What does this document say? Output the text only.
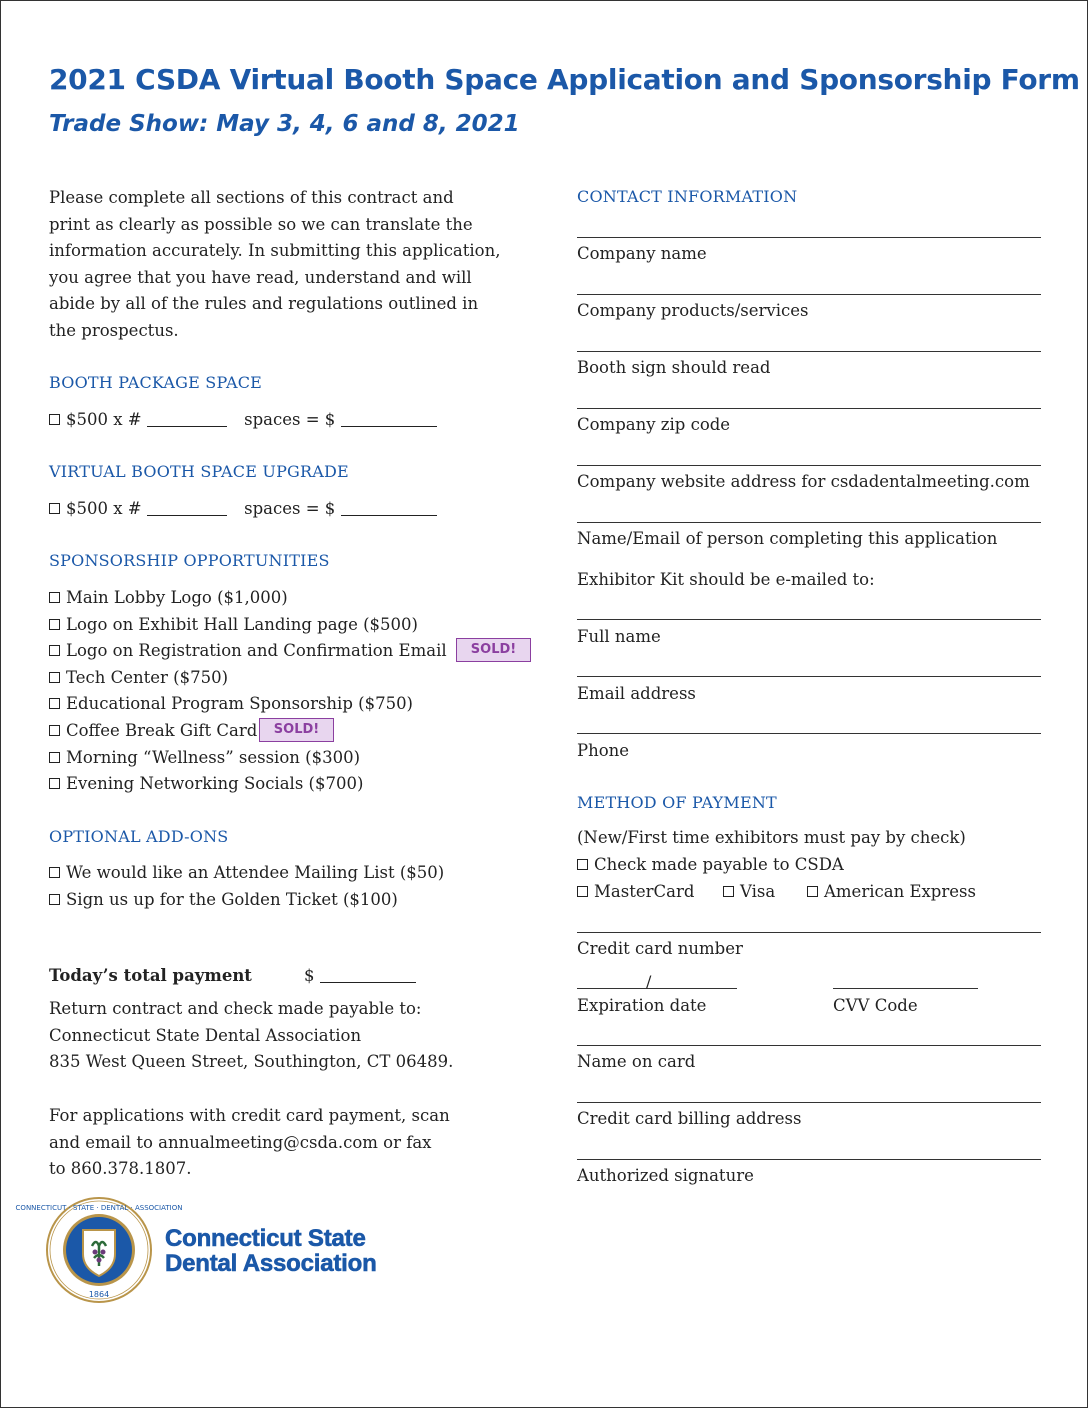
2021 CSDA Virtual Booth Space Application and Sponsorship Form
Trade Show: May 3, 4, 6 and 8, 2021
Please complete all sections of this contract and
print as clearly as possible so we can translate the
information accurately. In submitting this application,
you agree that you have read, understand and will
abide by all of the rules and regulations outlined in
the prospectus.
BOOTH PACKAGE SPACE
$500 x #	spaces = $
VIRTUAL BOOTH SPACE UPGRADE
$500 x #	spaces = $
SPONSORSHIP OPPORTUNITIES
Main Lobby Logo ($1,000)
Logo on Exhibit Hall Landing page ($500)
Logo on Registration and Confirmation Email
Tech Center ($750)
Educational Program Sponsorship ($750)
Coffee Break Gift Card
Morning “Wellness” session ($300)
Evening Networking Socials ($700)
SOLD!
SOLD!
OPTIONAL ADD-ONS
We would like an Attendee Mailing List ($50)
Sign us up for the Golden Ticket ($100)
Today’s total payment	$
Return contract and check made payable to:
Connecticut State Dental Association
835 West Queen Street, Southington, CT 06489.
For applications with credit card payment, scan
and email to annualmeeting@csda.com or fax
to 860.378.1807.
CONNECTICUT · STATE · DENTAL · ASSOCIATION
1864
Connecticut State
Dental Association
CONTACT INFORMATION
Company name
Company products/services
Booth sign should read
Company zip code
Company website address for csdadentalmeeting.com
Name/Email of person completing this application
Exhibitor Kit should be e-mailed to:
Full name
Email address
Phone
METHOD OF PAYMENT
(New/First time exhibitors must pay by check)
Check made payable to CSDA
MasterCard	Visa	American Express
Credit card number
/
Expiration date	CVV Code
Name on card
Credit card billing address
Authorized signature
